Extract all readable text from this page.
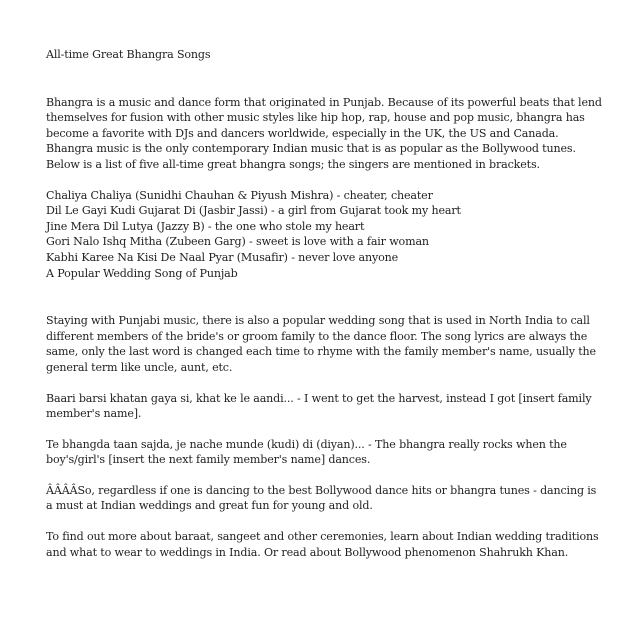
All-time Great Bhangra Songs

Bhangra is a music and dance form that originated in Punjab. Because of its powerful beats that lend themselves for fusion with other music styles like hip hop, rap, house and pop music, bhangra has become a favorite with DJs and dancers worldwide, especially in the UK, the US and Canada. Bhangra music is the only contemporary Indian music that is as popular as the Bollywood tunes. Below is a list of five all-time great bhangra songs; the singers are mentioned in brackets.

Chaliya Chaliya (Sunidhi Chauhan & Piyush Mishra) - cheater, cheater

Dil Le Gayi Kudi Gujarat Di (Jasbir Jassi) - a girl from Gujarat took my heart

Jine Mera Dil Lutya (Jazzy B) - the one who stole my heart

Gori Nalo Ishq Mitha (Zubeen Garg) - sweet is love with a fair woman

Kabhi Karee Na Kisi De Naal Pyar (Musafir) - never love anyone

A Popular Wedding Song of Punjab

Staying with Punjabi music, there is also a popular wedding song that is used in North India to call different members of the bride's or groom family to the dance floor. The song lyrics are always the same, only the last word is changed each time to rhyme with the family member's name, usually the general term like uncle, aunt, etc.

Baari barsi khatan gaya si, khat ke le aandi... - I went to get the harvest, instead I got [insert family member's name].

Te bhangda taan sajda, je nache munde (kudi) di (diyan)... - The bhangra really rocks when the boy's/girl's [insert the next family member's name] dances.

ÂÂÂÂSo, regardless if one is dancing to the best Bollywood dance hits or bhangra tunes - dancing is a must at Indian weddings and great fun for young and old.

To find out more about baraat, sangeet and other ceremonies, learn about Indian wedding traditions and what to wear to weddings in India. Or read about Bollywood phenomenon Shahrukh Khan.
